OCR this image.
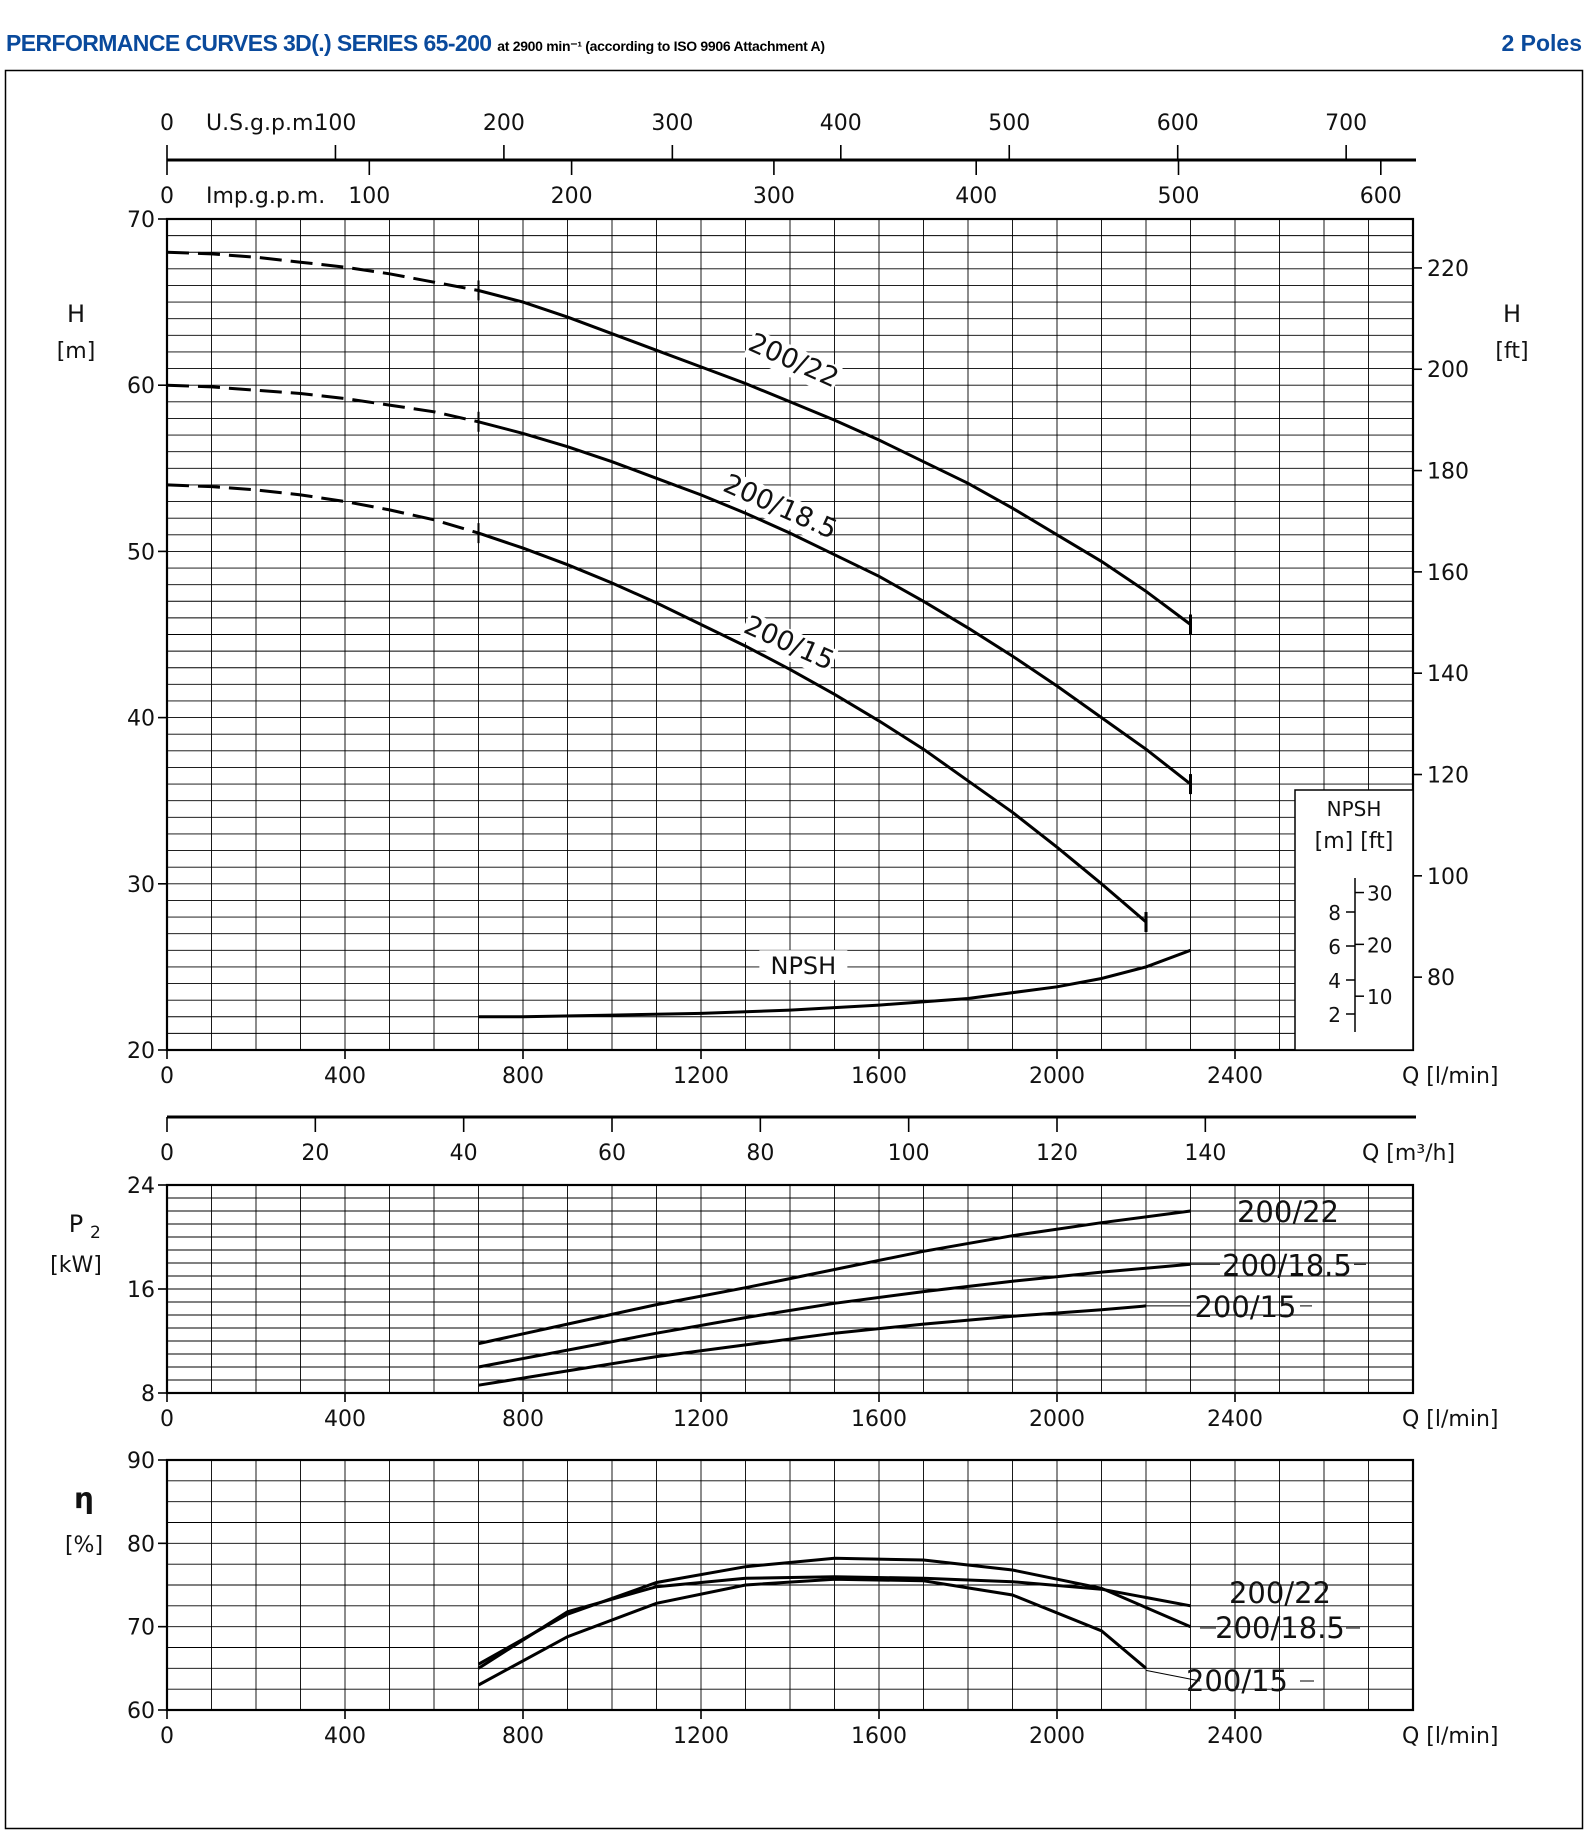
PERFORMANCE CURVES 3D(.) SERIES 65-200 at 2900 min⁻¹ (according to ISO 9906 Attachment A)	2 Poles
0	400	800	1200	1600	2000	2400	Q [l/min]
20
30
40
50
60
70
H
[m]
H
[ft]
80
100
120
140
160
180
200
220
0	100	200	300	400	500	600	700
U.S.g.p.m.
0	100	200	300	400	500	600
Imp.g.p.m.
0	20	40	60	80	100	120	140	Q [m³/h]
200/22
200/18.5
200/15
NPSH
NPSH
[m] [ft]
2
4
6
8
10
20
30
0	400	800	1200	1600	2000	2400	Q [l/min]
8
16
24
P 2
[kW]
200/22
200/18.5
200/15
0	400	800	1200	1600	2000	2400	Q [l/min]
60
70
80
90
η
[%]
200/22
200/18.5
200/15
